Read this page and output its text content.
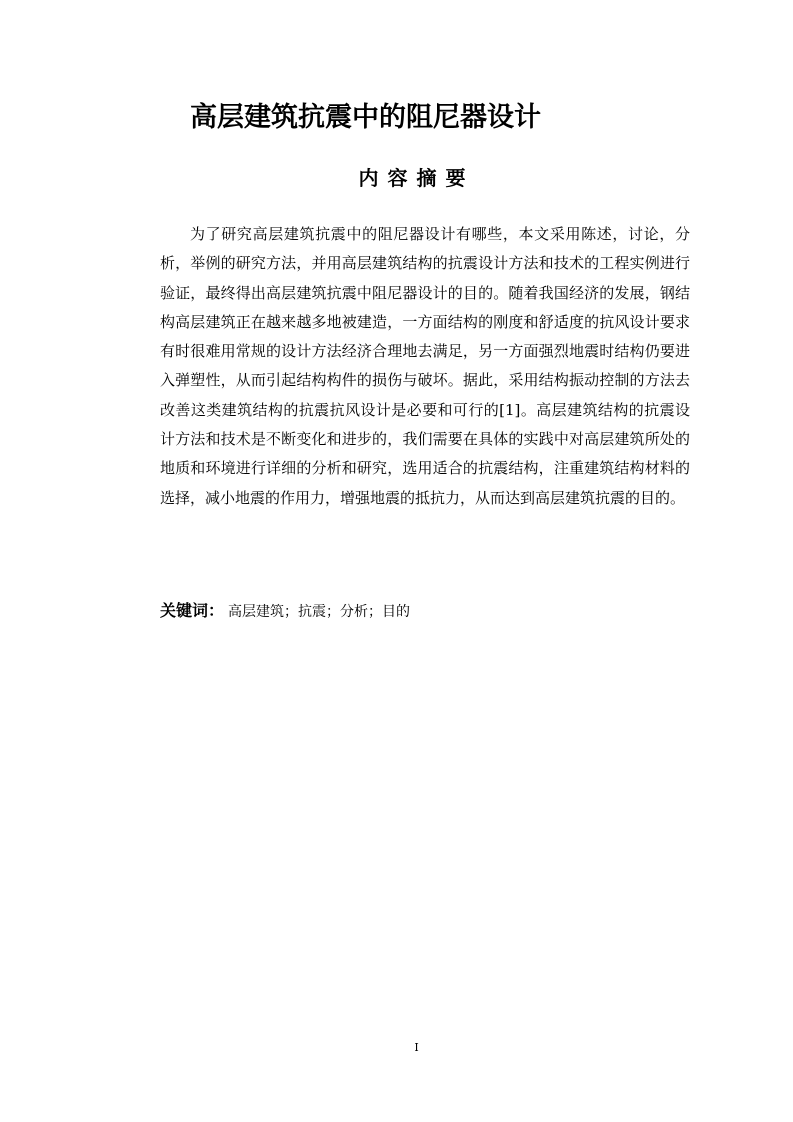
高层建筑抗震中的阻尼器设计
内容摘要

为了研究高层建筑抗震中的阻尼器设计有哪些，本文采用陈述，讨论，分析，举例的研究方法，并用高层建筑结构的抗震设计方法和技术的工程实例进行验证，最终得出高层建筑抗震中阻尼器设计的目的。随着我国经济的发展，钢结构高层建筑正在越来越多地被建造，一方面结构的刚度和舒适度的抗风设计要求有时很难用常规的设计方法经济合理地去满足，另一方面强烈地震时结构仍要进入弹塑性，从而引起结构构件的损伤与破坏。据此，采用结构振动控制的方法去改善这类建筑结构的抗震抗风设计是必要和可行的[1]。高层建筑结构的抗震设计方法和技术是不断变化和进步的，我们需要在具体的实践中对高层建筑所处的地质和环境进行详细的分析和研究，选用适合的抗震结构，注重建筑结构材料的选择，减小地震的作用力，增强地震的抵抗力，从而达到高层建筑抗震的目的。

关键词： 高层建筑；抗震；分析；目的
I
